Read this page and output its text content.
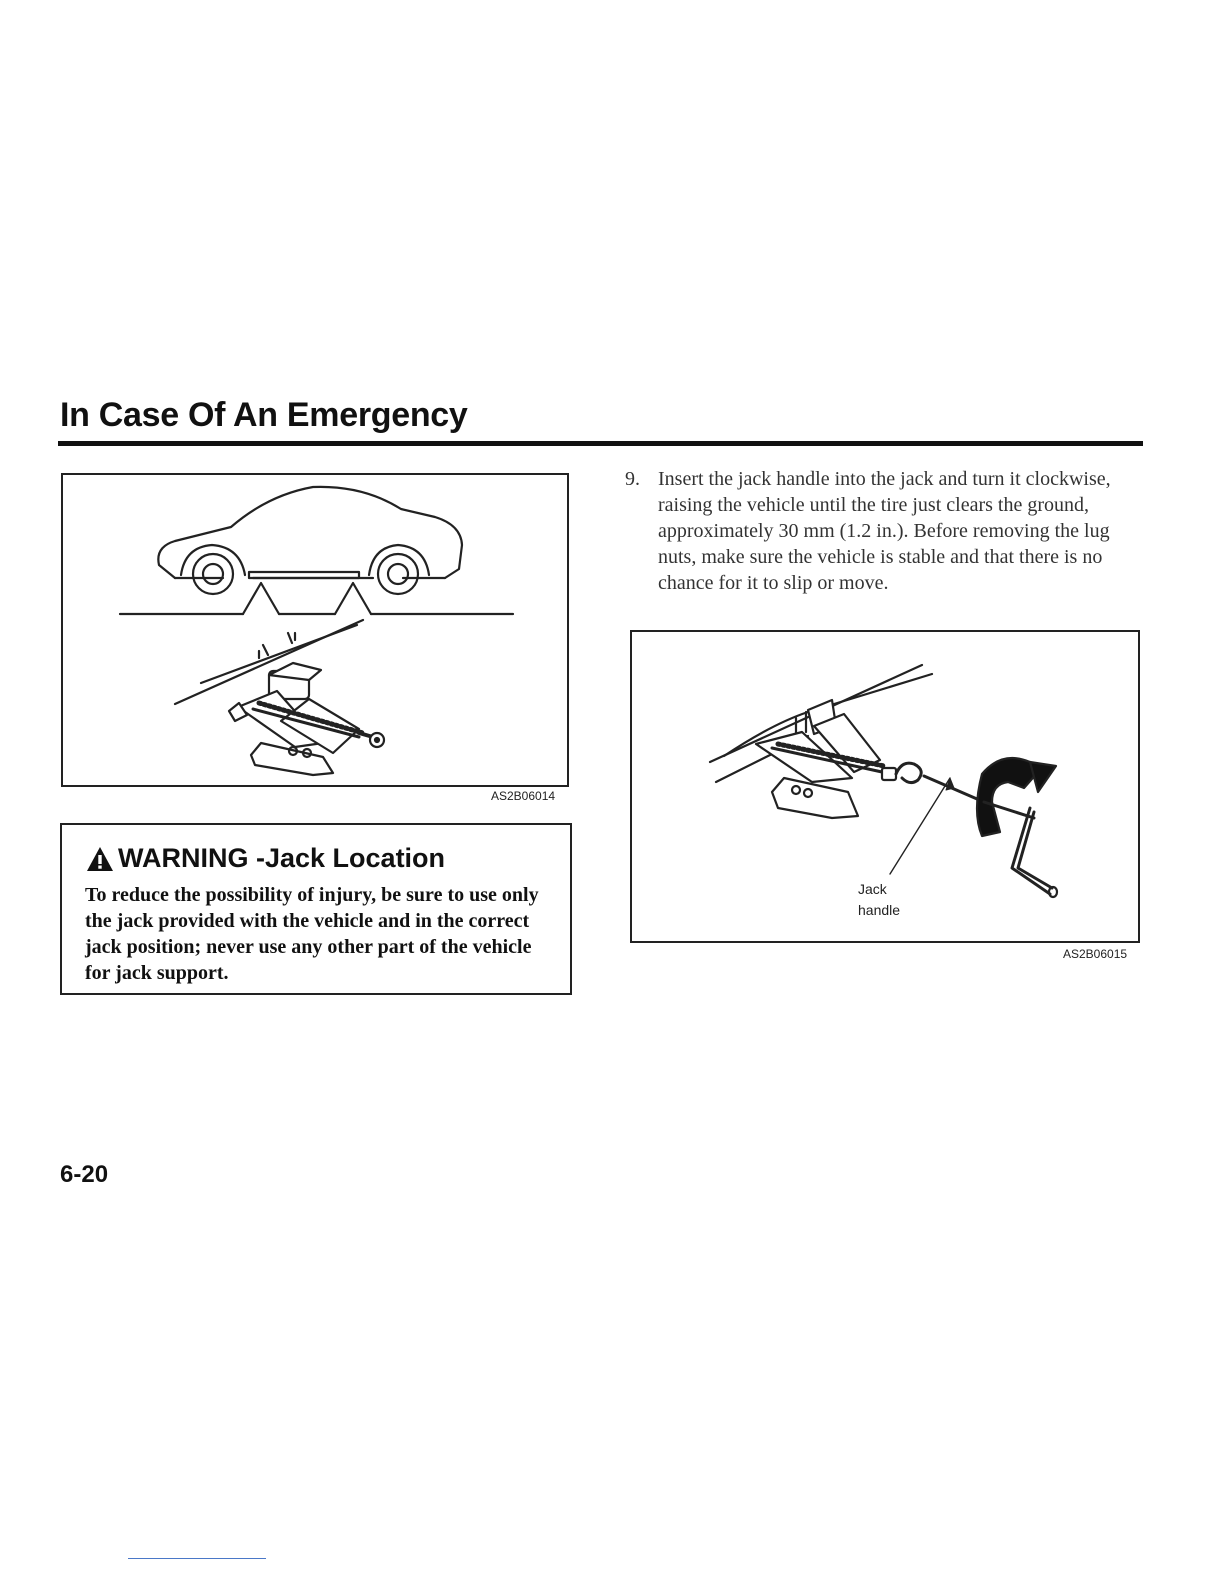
In Case Of An Emergency
AS2B06014
WARNING -Jack Location

To reduce the possibility of injury, be sure to use only the jack provided with the vehicle and in the correct jack position; never use any other part of the vehicle for jack support.

9. Insert the jack handle into the jack and turn it clockwise, raising the vehicle until the tire just clears the ground, approximately 30 mm (1.2 in.). Before removing the lug nuts, make sure the vehicle is stable and that there is no chance for it to slip or move.

Jack
handle
AS2B06015
6-20
